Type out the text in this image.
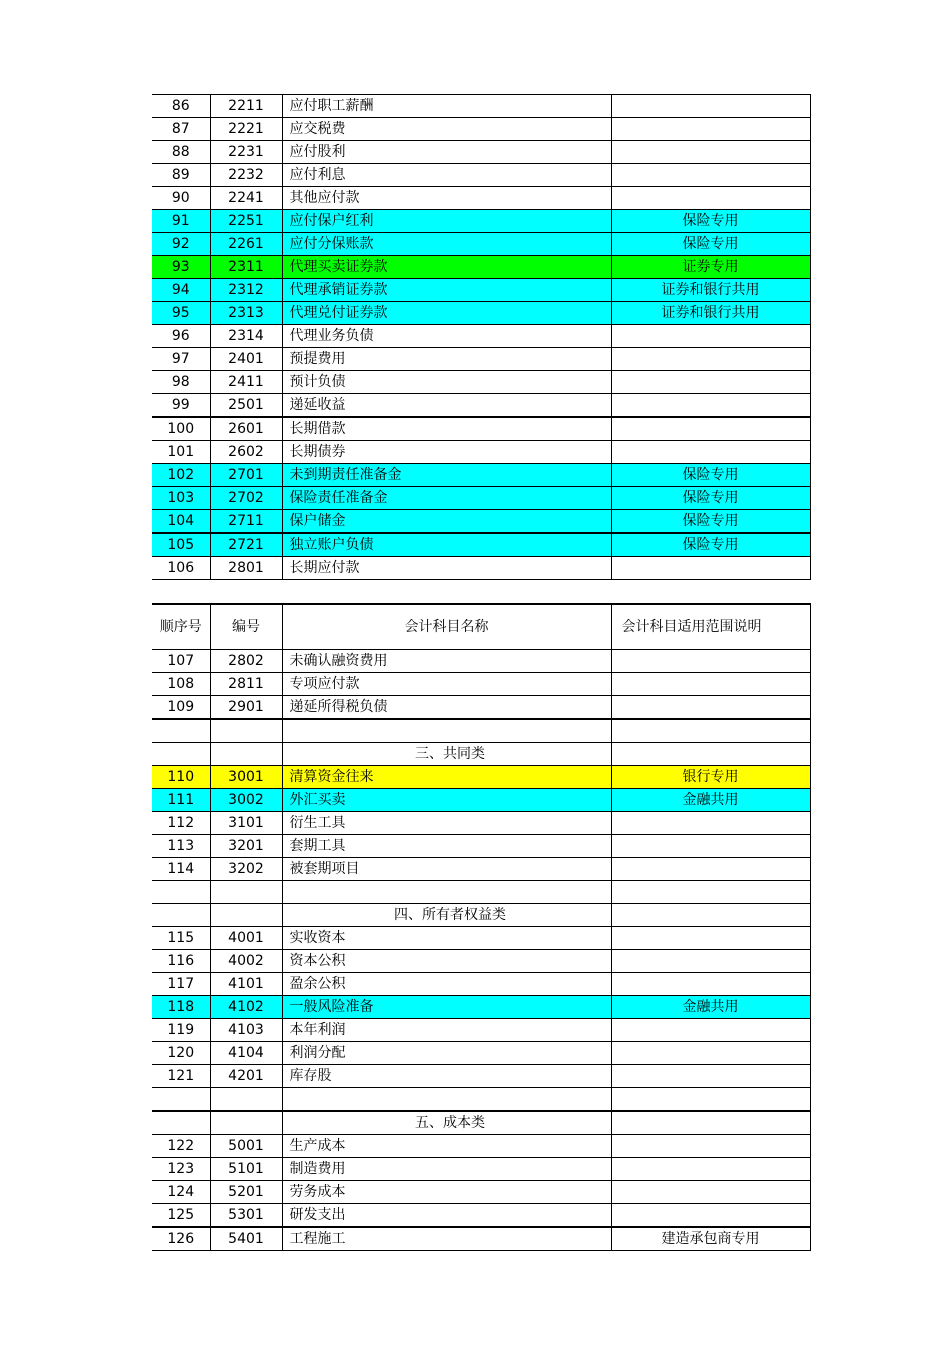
86	2211	应付职工薪酬	
87	2221	应交税费	
88	2231	应付股利	
89	2232	应付利息	
90	2241	其他应付款	
91	2251	应付保户红利	保险专用
92	2261	应付分保账款	保险专用
93	2311	代理买卖证券款	证券专用
94	2312	代理承销证券款	证券和银行共用
95	2313	代理兑付证券款	证券和银行共用
96	2314	代理业务负债	
97	2401	预提费用	
98	2411	预计负债	
99	2501	递延收益	
100	2601	长期借款	
101	2602	长期债券	
102	2701	未到期责任准备金	保险专用
103	2702	保险责任准备金	保险专用
104	2711	保户储金	保险专用
105	2721	独立账户负债	保险专用
106	2801	长期应付款	
顺序号	编号	会计科目名称	会计科目适用范围说明
107	2802	未确认融资费用	
108	2811	专项应付款	
109	2901	递延所得税负债	

		三、共同类	
110	3001	清算资金往来	银行专用
111	3002	外汇买卖	金融共用
112	3101	衍生工具	
113	3201	套期工具	
114	3202	被套期项目	

		四、所有者权益类	
115	4001	实收资本	
116	4002	资本公积	
117	4101	盈余公积	
118	4102	一般风险准备	金融共用
119	4103	本年利润	
120	4104	利润分配	
121	4201	库存股	

		五、成本类	
122	5001	生产成本	
123	5101	制造费用	
124	5201	劳务成本	
125	5301	研发支出	
126	5401	工程施工	建造承包商专用
